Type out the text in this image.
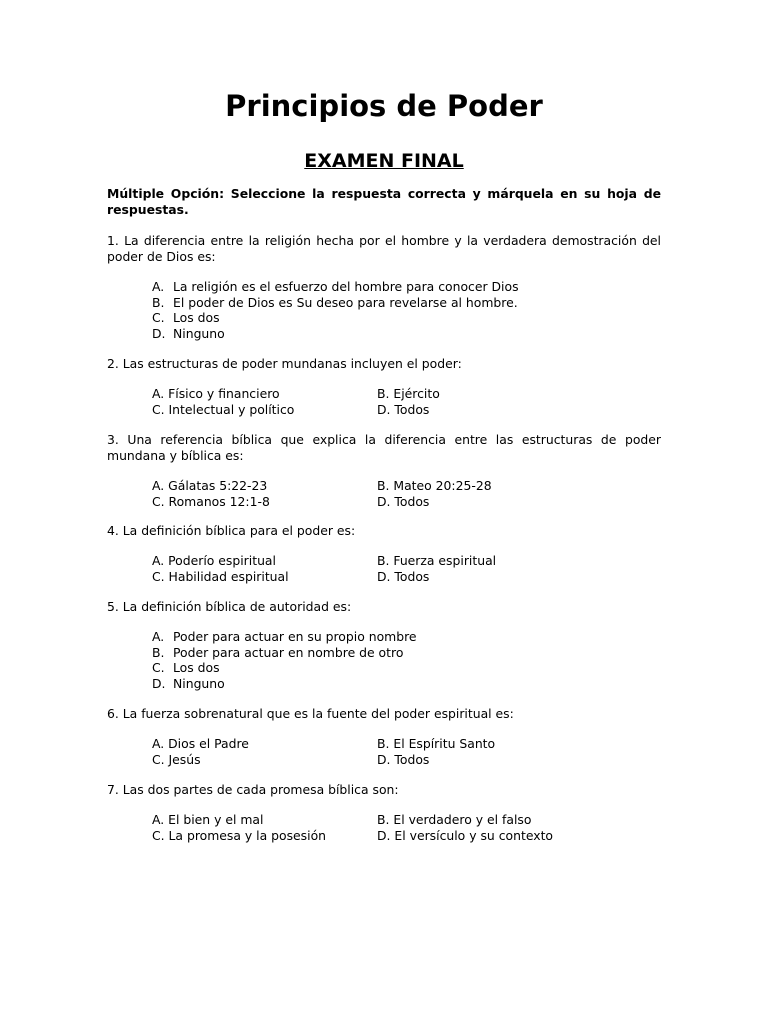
Principios de Poder
EXAMEN FINAL

Múltiple Opción: Seleccione la respuesta correcta y márquela en su hoja de respuestas.

1. La diferencia entre la religión hecha por el hombre y la verdadera demostración del poder de Dios es:

A. La religión es el esfuerzo del hombre para conocer Dios
B. El poder de Dios es Su deseo para revelarse al hombre.
C. Los dos
D. Ninguno

2. Las estructuras de poder mundanas incluyen el poder:

A. Físico y financiero	B. Ejército
C. Intelectual y político	D. Todos

3. Una referencia bíblica que explica la diferencia entre las estructuras de poder mundana y bíblica es:

A. Gálatas 5:22-23	B. Mateo 20:25-28
C. Romanos 12:1-8	D. Todos

4. La definición bíblica para el poder es:

A. Poderío espiritual	B. Fuerza espiritual
C. Habilidad espiritual	D. Todos

5. La definición bíblica de autoridad es:

A. Poder para actuar en su propio nombre
B. Poder para actuar en nombre de otro
C. Los dos
D. Ninguno

6. La fuerza sobrenatural que es la fuente del poder espiritual es:

A. Dios el Padre	B. El Espíritu Santo
C. Jesús	D. Todos

7. Las dos partes de cada promesa bíblica son:

A. El bien y el mal	B. El verdadero y el falso
C. La promesa y la posesión	D. El versículo y su contexto
